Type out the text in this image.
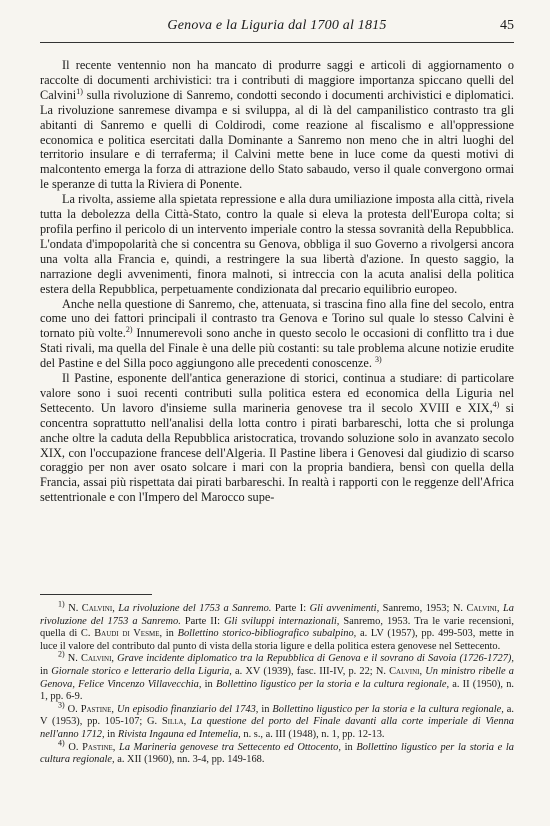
Genova e la Liguria dal 1700 al 1815	45

Il recente ventennio non ha mancato di produrre saggi e articoli di aggiornamento o raccolte di documenti archivistici: tra i contributi di maggiore importanza spiccano quelli del Calvini$^{1)}$ sulla rivoluzione di Sanremo, condotti secondo i documenti archivistici e diplomatici. La rivoluzione sanremese divampa e si sviluppa, al di là del campanilistico contrasto tra gli abitanti di Sanremo e quelli di Coldirodi, come reazione al fiscalismo e all'oppressione economica e politica esercitati dalla Dominante a Sanremo non meno che in altri luoghi del territorio insulare e di terraferma; il Calvini mette bene in luce come da questi motivi di malcontento emerga la forza di attrazione dello Stato sabaudo, verso il quale convergono ormai le speranze di tutta la Riviera di Ponente.

La rivolta, assieme alla spietata repressione e alla dura umiliazione imposta alla città, rivela tutta la debolezza della Città-Stato, contro la quale si eleva la protesta dell'Europa colta; si profila perfino il pericolo di un intervento imperiale contro la stessa sovranità della Repubblica. L'ondata d'impopolarità che si concentra su Genova, obbliga il suo Governo a rivolgersi ancora una volta alla Francia e, quindi, a restringere la sua libertà d'azione. In questo saggio, la narrazione degli avvenimenti, finora malnoti, si intreccia con la acuta analisi della politica estera della Repubblica, perpetuamente condizionata dal precario equilibrio europeo.

Anche nella questione di Sanremo, che, attenuata, si trascina fino alla fine del secolo, entra come uno dei fattori principali il contrasto tra Genova e Torino sul quale lo stesso Calvini è tornato più volte.$^{2)}$ Innumerevoli sono anche in questo secolo le occasioni di conflitto tra i due Stati rivali, ma quella del Finale è una delle più costanti: su tale problema alcune notizie erudite del Pastine e del Silla poco aggiungono alle precedenti conoscenze. $^{3)}$

Il Pastine, esponente dell'antica generazione di storici, continua a studiare: di particolare valore sono i suoi recenti contributi sulla politica estera ed economica della Liguria nel Settecento. Un lavoro d'insieme sulla marineria genovese tra il secolo XVIII e XIX,$^{4)}$ si concentra soprattutto nell'analisi della lotta contro i pirati barbareschi, lotta che si prolunga anche oltre la caduta della Repubblica aristocratica, trovando soluzione solo in avanzato secolo XIX, con l'occupazione francese dell'Algeria. Il Pastine libera i Genovesi dal giudizio di scarso coraggio per non aver osato solcare i mari con la propria bandiera, bensì con quella della Francia, assai più rispettata dai pirati barbareschi. In realtà i rapporti con le reggenze dell'Africa settentrionale e con l'Impero del Marocco supe-

$^{1)}$ N. Calvini, La rivoluzione del 1753 a Sanremo. Parte I: Gli avvenimenti, Sanremo, 1953; N. Calvini, La rivoluzione del 1753 a Sanremo. Parte II: Gli sviluppi internazionali, Sanremo, 1953. Tra le varie recensioni, quella di C. Baudi di Vesme, in Bollettino storico-bibliografico subalpino, a. LV (1957), pp. 499-503, mette in luce il valore del contributo dal punto di vista della storia ligure e della politica estera genovese nel Settecento.

$^{2)}$ N. Calvini, Grave incidente diplomatico tra la Repubblica di Genova e il sovrano di Savoia (1726-1727), in Giornale storico e letterario della Liguria, a. XV (1939), fasc. III-IV, p. 22; N. Calvini, Un ministro ribelle a Genova, Felice Vincenzo Villavecchia, in Bollettino ligustico per la storia e la cultura regionale, a. II (1950), n. 1, pp. 6-9.

$^{3)}$ O. Pastine, Un episodio finanziario del 1743, in Bollettino ligustico per la storia e la cultura regionale, a. V (1953), pp. 105-107; G. Silla, La questione del porto del Finale davanti alla corte imperiale di Vienna nell'anno 1712, in Rivista Ingauna ed Intemelia, n. s., a. III (1948), n. 1, pp. 12-13.

$^{4)}$ O. Pastine, La Marineria genovese tra Settecento ed Ottocento, in Bollettino ligustico per la storia e la cultura regionale, a. XII (1960), nn. 3-4, pp. 149-168.
